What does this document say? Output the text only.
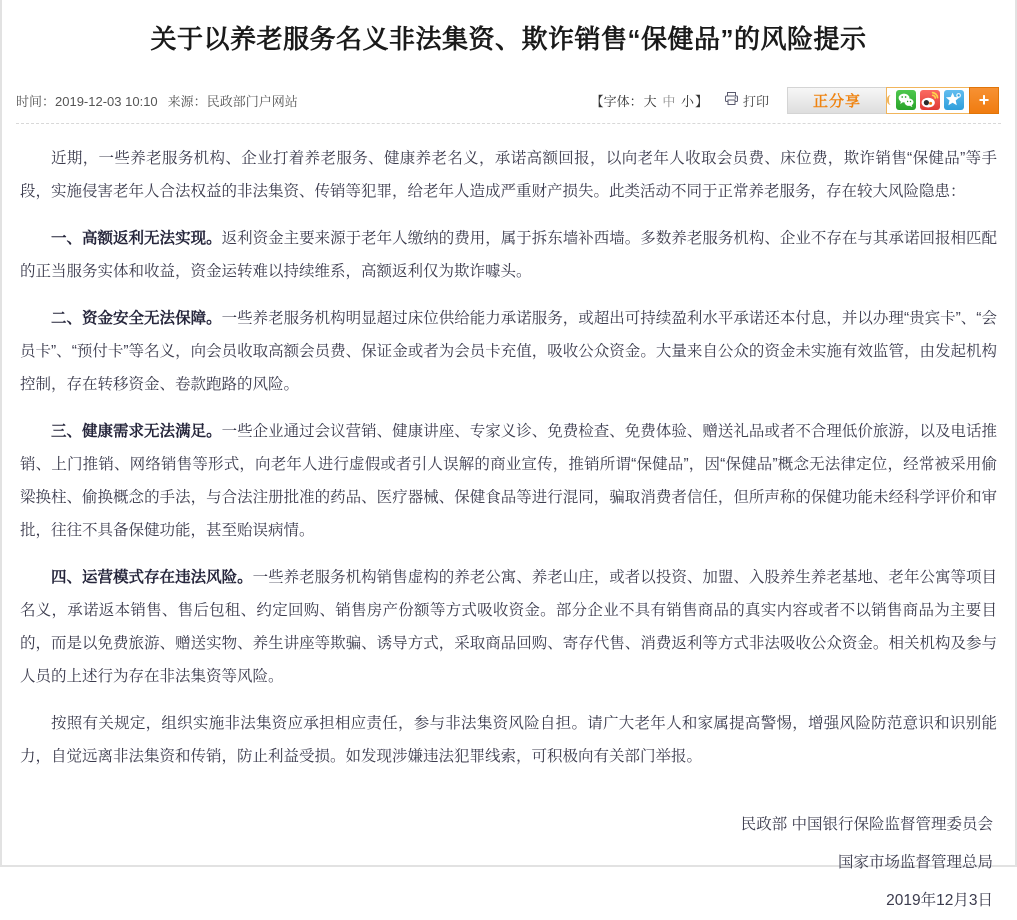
关于以养老服务名义非法集资、欺诈销售“保健品”的风险提示
时间：2019-12-03 10:10 来源：民政部门户网站	【字体：大 中 小】	打印	正分享	+

近期，一些养老服务机构、企业打着养老服务、健康养老名义，承诺高额回报，以向老年人收取会员费、床位费，欺诈销售“保健品”等手段，实施侵害老年人合法权益的非法集资、传销等犯罪，给老年人造成严重财产损失。此类活动不同于正常养老服务，存在较大风险隐患：

一、高额返利无法实现。返利资金主要来源于老年人缴纳的费用，属于拆东墙补西墙。多数养老服务机构、企业不存在与其承诺回报相匹配的正当服务实体和收益，资金运转难以持续维系，高额返利仅为欺诈噱头。

二、资金安全无法保障。一些养老服务机构明显超过床位供给能力承诺服务，或超出可持续盈利水平承诺还本付息，并以办理“贵宾卡”、“会员卡”、“预付卡”等名义，向会员收取高额会员费、保证金或者为会员卡充值，吸收公众资金。大量来自公众的资金未实施有效监管，由发起机构控制，存在转移资金、卷款跑路的风险。

三、健康需求无法满足。一些企业通过会议营销、健康讲座、专家义诊、免费检查、免费体验、赠送礼品或者不合理低价旅游，以及电话推销、上门推销、网络销售等形式，向老年人进行虚假或者引人误解的商业宣传，推销所谓“保健品”，因“保健品”概念无法律定位，经常被采用偷梁换柱、偷换概念的手法，与合法注册批准的药品、医疗器械、保健食品等进行混同，骗取消费者信任，但所声称的保健功能未经科学评价和审批，往往不具备保健功能，甚至贻误病情。

四、运营模式存在违法风险。一些养老服务机构销售虚构的养老公寓、养老山庄，或者以投资、加盟、入股养生养老基地、老年公寓等项目名义，承诺返本销售、售后包租、约定回购、销售房产份额等方式吸收资金。部分企业不具有销售商品的真实内容或者不以销售商品为主要目的，而是以免费旅游、赠送实物、养生讲座等欺骗、诱导方式，采取商品回购、寄存代售、消费返利等方式非法吸收公众资金。相关机构及参与人员的上述行为存在非法集资等风险。

按照有关规定，组织实施非法集资应承担相应责任，参与非法集资风险自担。请广大老年人和家属提高警惕，增强风险防范意识和识别能力，自觉远离非法集资和传销，防止利益受损。如发现涉嫌违法犯罪线索，可积极向有关部门举报。

民政部 中国银行保险监督管理委员会
国家市场监督管理总局
2019年12月3日
